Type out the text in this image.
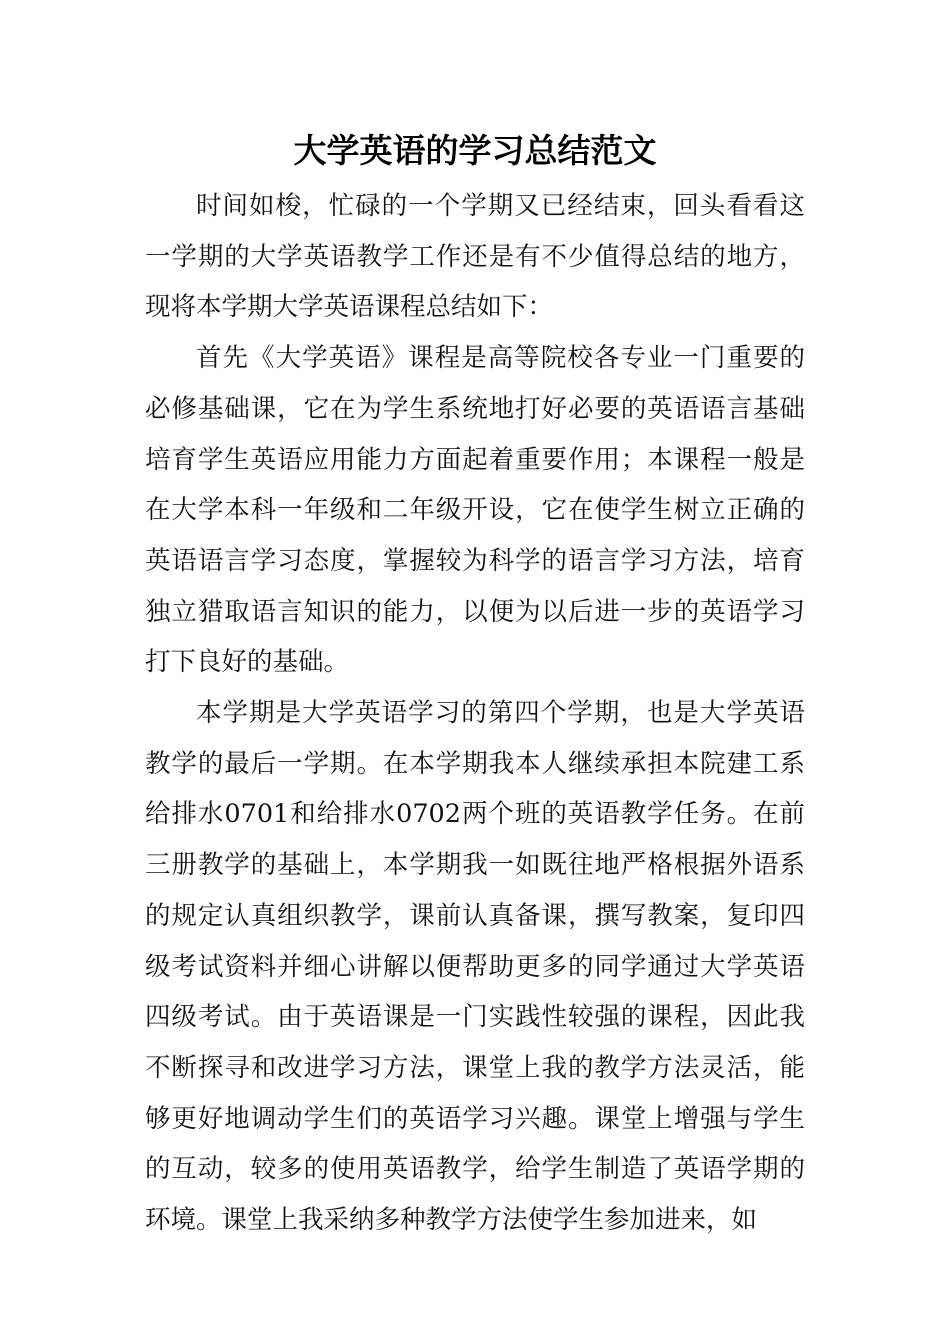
大学英语的学习总结范文

时间如梭，忙碌的一个学期又已经结束，回头看看这一学期的大学英语教学工作还是有不少值得总结的地方，现将本学期大学英语课程总结如下：

首先《大学英语》课程是高等院校各专业一门重要的必修基础课，它在为学生系统地打好必要的英语语言基础培育学生英语应用能力方面起着重要作用；本课程一般是在大学本科一年级和二年级开设，它在使学生树立正确的英语语言学习态度，掌握较为科学的语言学习方法，培育独立猎取语言知识的能力，以便为以后进一步的英语学习打下良好的基础。

本学期是大学英语学习的第四个学期，也是大学英语教学的最后一学期。在本学期我本人继续承担本院建工系给排水0701和给排水0702两个班的英语教学任务。在前三册教学的基础上，本学期我一如既往地严格根据外语系的规定认真组织教学，课前认真备课，撰写教案，复印四级考试资料并细心讲解以便帮助更多的同学通过大学英语四级考试。由于英语课是一门实践性较强的课程，因此我不断探寻和改进学习方法，课堂上我的教学方法灵活，能够更好地调动学生们的英语学习兴趣。课堂上增强与学生的互动，较多的使用英语教学，给学生制造了英语学期的环境。课堂上我采纳多种教学方法使学生参加进来，如
